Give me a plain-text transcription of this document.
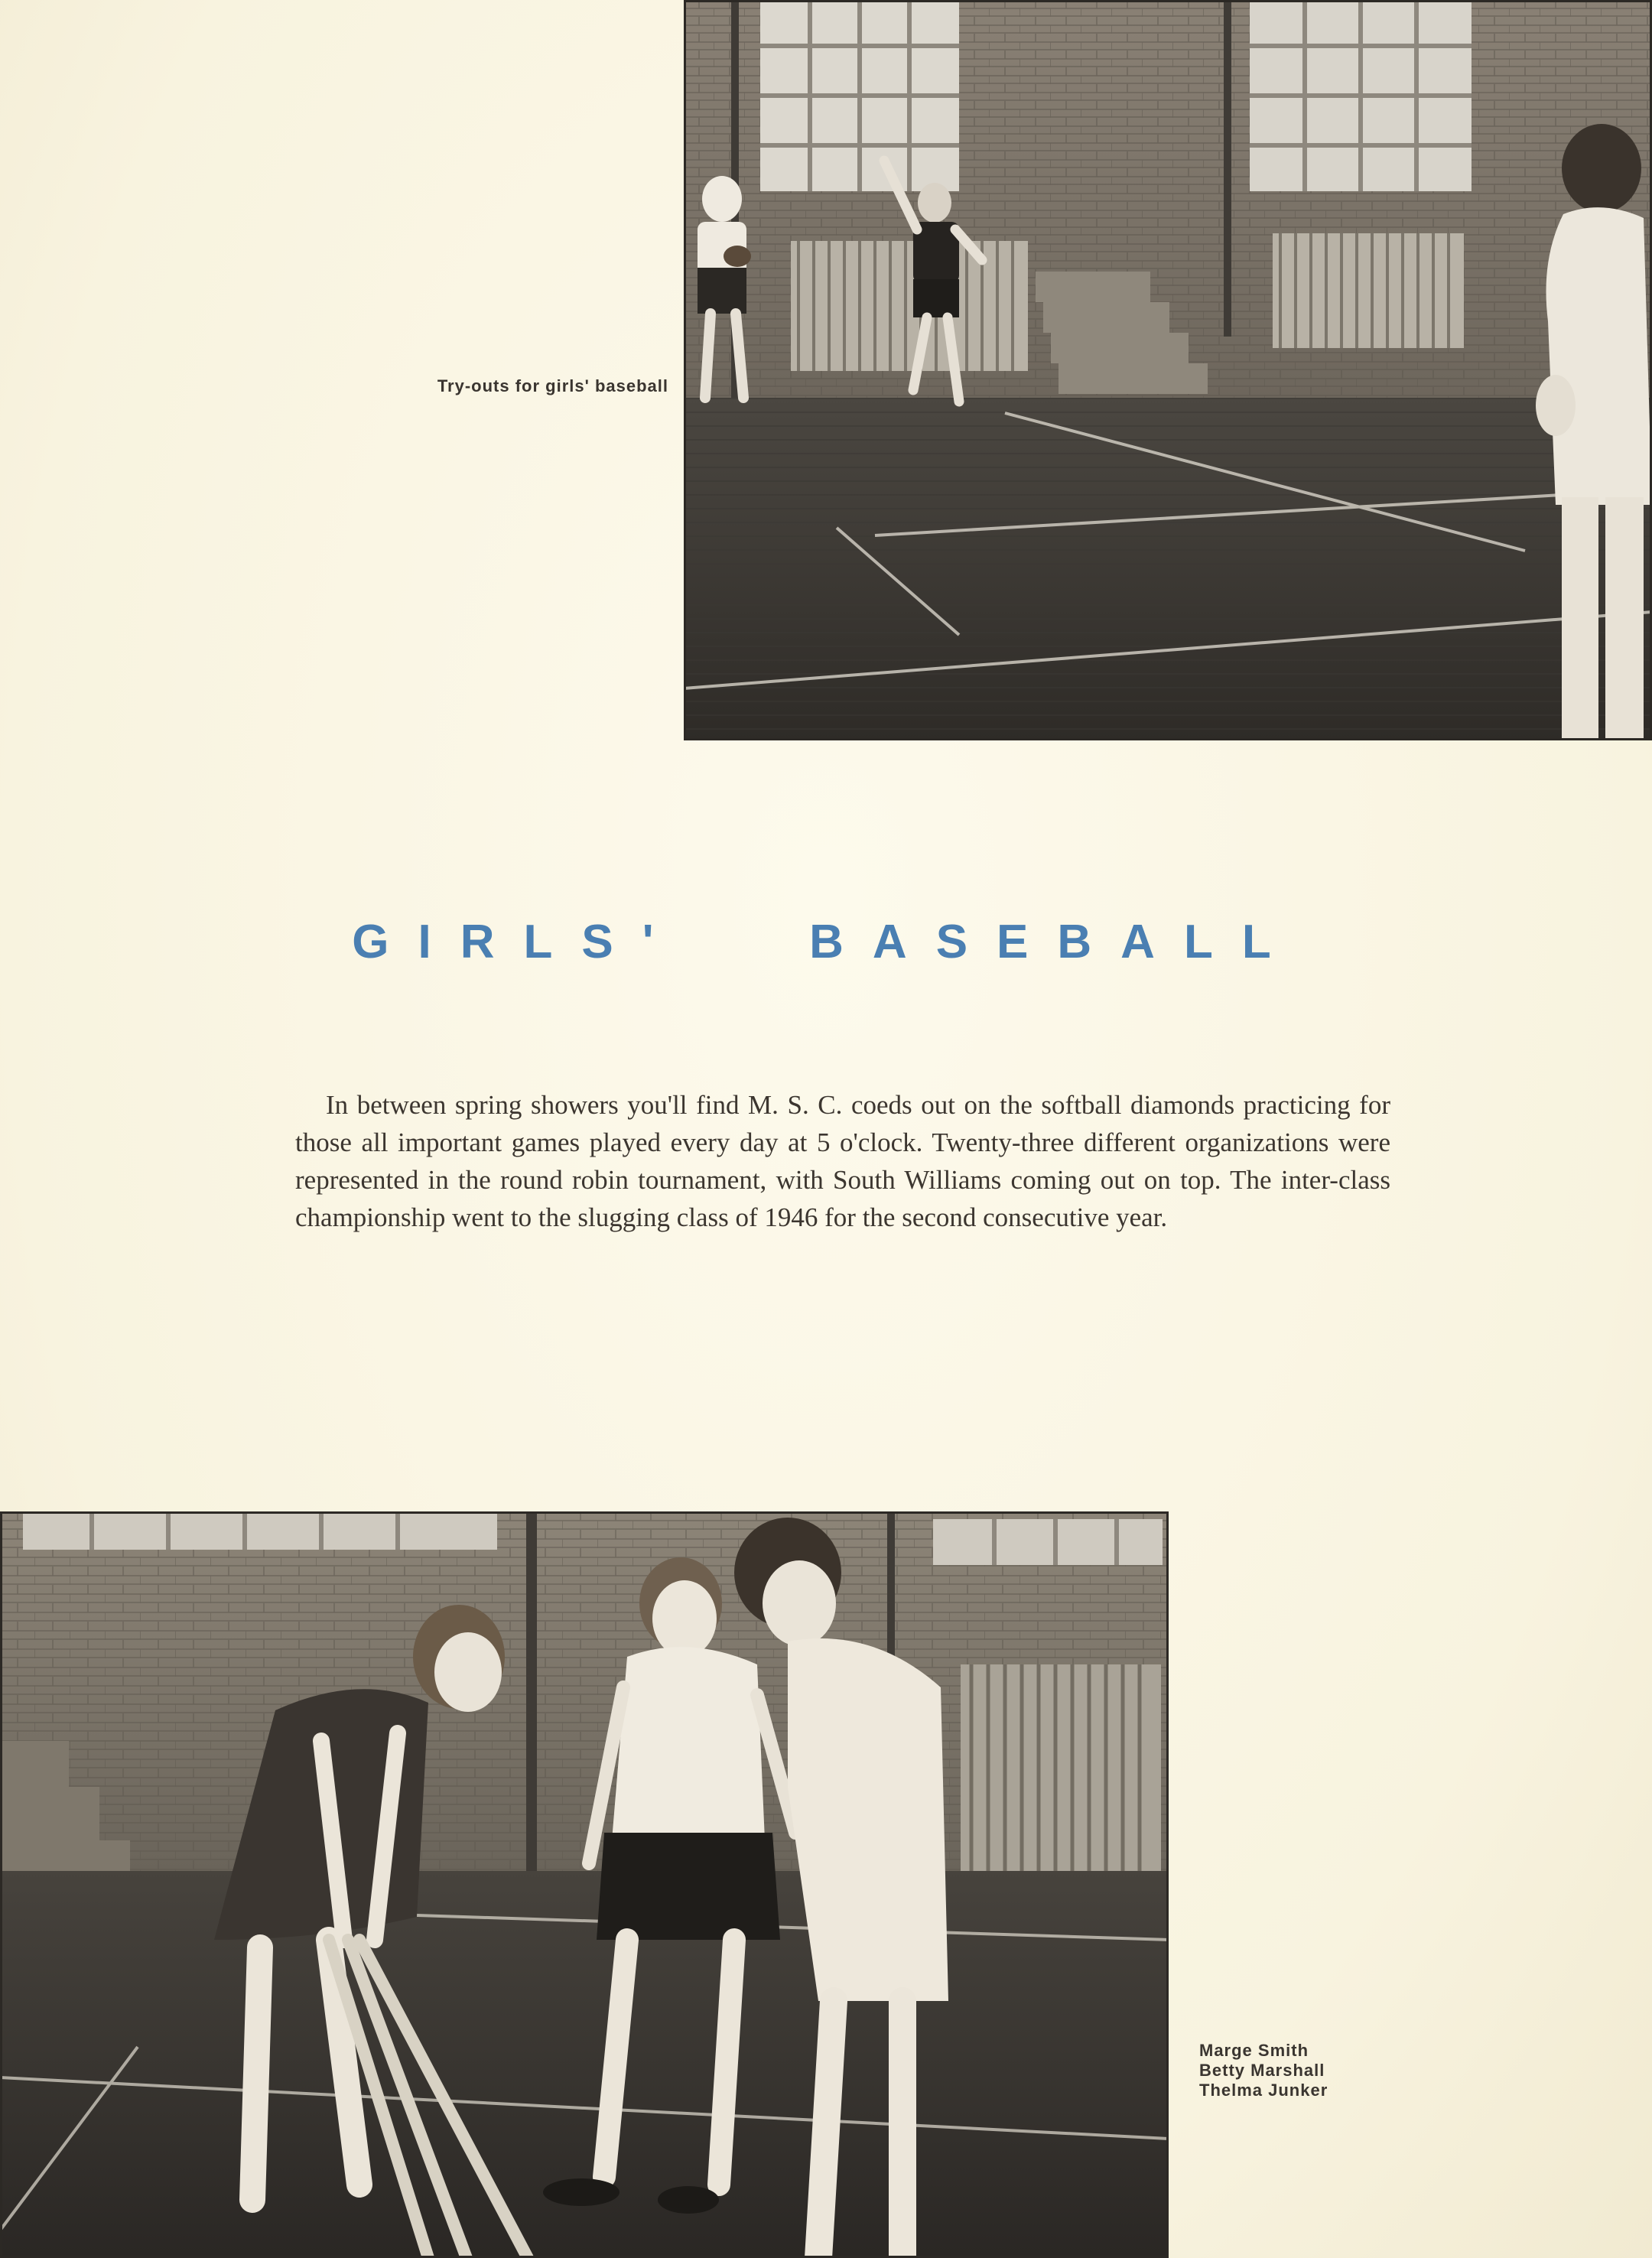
Try-outs for girls' baseball
GIRLS'   BASEBALL
In between spring showers you'll find M. S. C. coeds out on the softball diamonds practicing for those all important games played every day at 5 o'clock. Twenty-three different organizations were represented in the round robin tournament, with South Williams coming out on top. The inter-class championship went to the slugging class of 1946 for the second consecutive year.
Marge Smith
Betty Marshall
Thelma Junker
